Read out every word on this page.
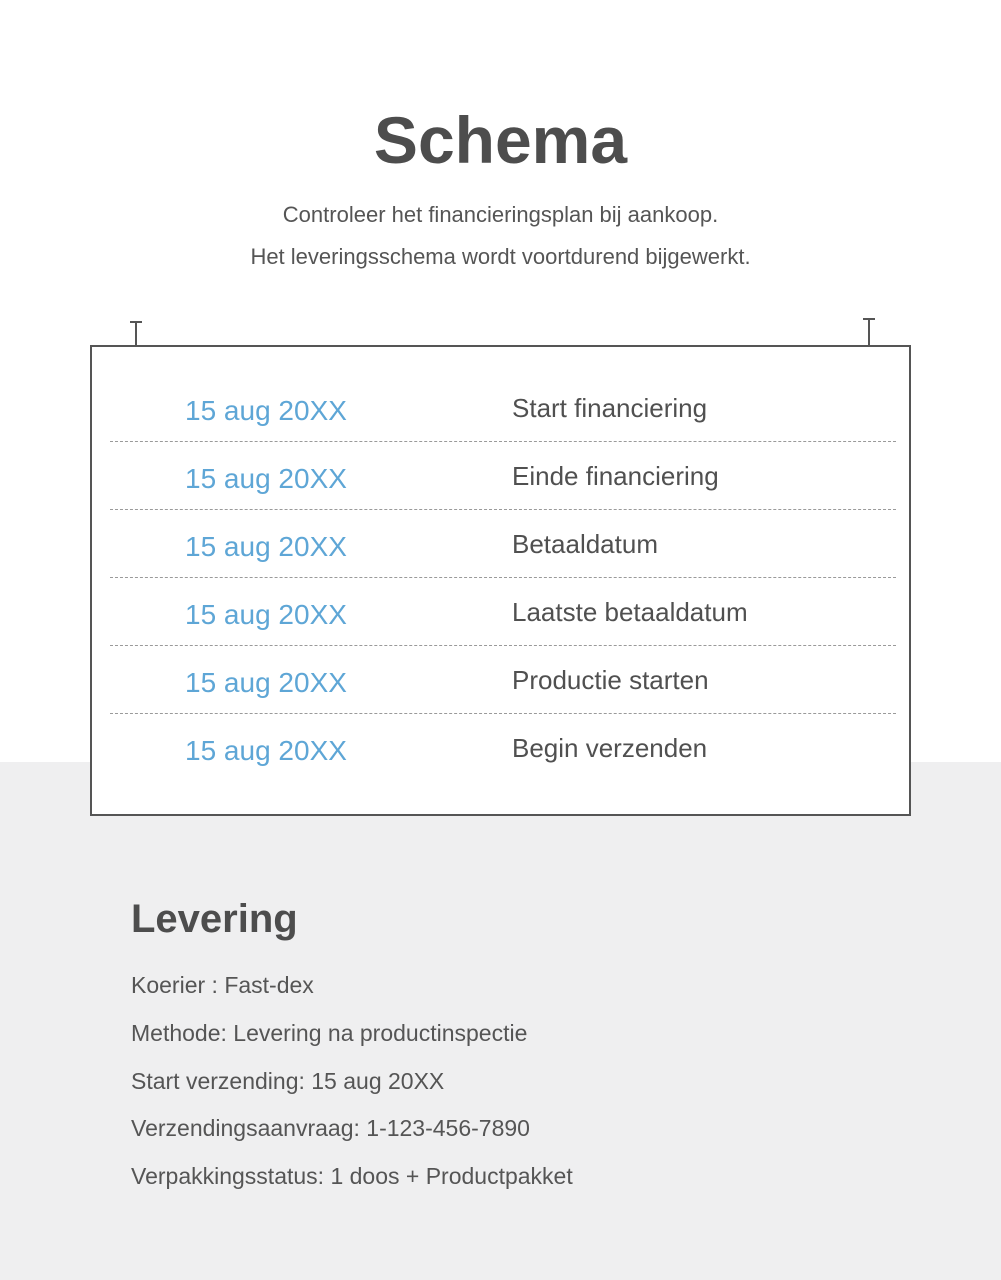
Schema

Controleer het financieringsplan bij aankoop.

Het leveringsschema wordt voortdurend bijgewerkt.

15 aug 20XX	Start financiering
15 aug 20XX	Einde financiering
15 aug 20XX	Betaaldatum
15 aug 20XX	Laatste betaaldatum
15 aug 20XX	Productie starten
15 aug 20XX	Begin verzenden
Levering

Koerier : Fast-dex

Methode: Levering na productinspectie

Start verzending: 15 aug 20XX

Verzendingsaanvraag: 1-123-456-7890

Verpakkingsstatus: 1 doos + Productpakket
